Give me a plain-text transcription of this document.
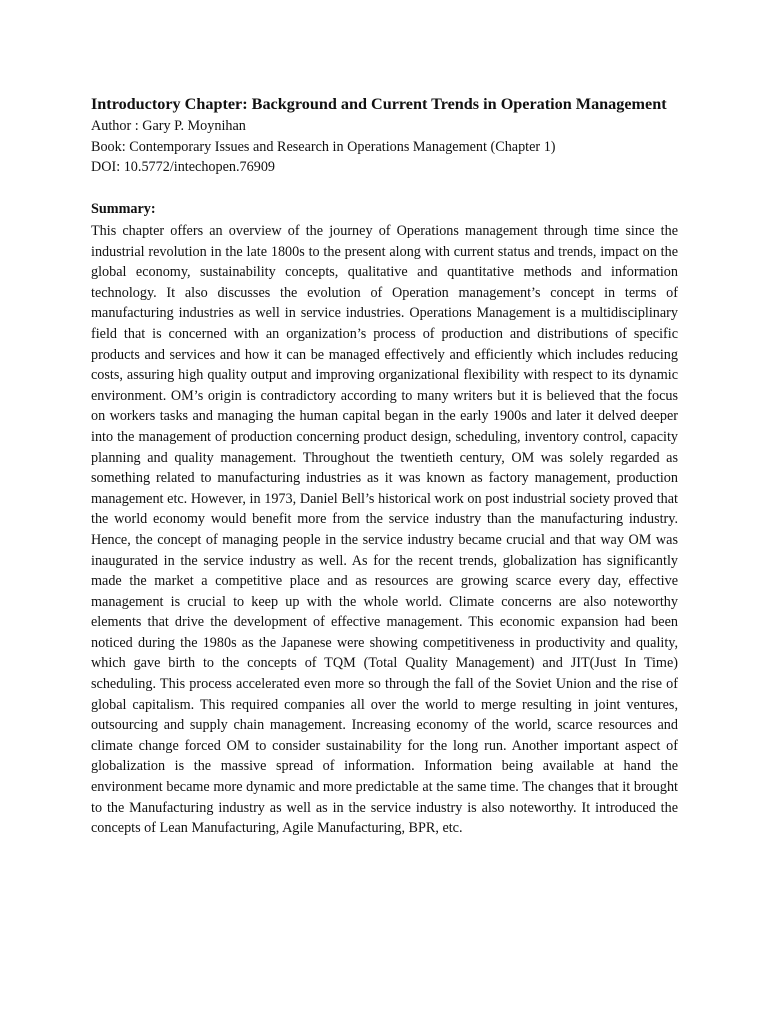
Introductory Chapter: Background and Current Trends in Operation Management

Author : Gary P. Moynihan

Book: Contemporary Issues and Research in Operations Management (Chapter 1)

DOI: 10.5772/intechopen.76909

Summary:

This chapter offers an overview of the journey of Operations management through time since the industrial revolution in the late 1800s to the present along with current status and trends, impact on the global economy, sustainability concepts, qualitative and quantitative methods and information technology. It also discusses the evolution of Operation management’s concept in terms of manufacturing industries as well in service industries. Operations Management is a multidisciplinary field that is concerned with an organization’s process of production and distributions of specific products and services and how it can be managed effectively and efficiently which includes reducing costs, assuring high quality output and improving organizational flexibility with respect to its dynamic environment. OM’s origin is contradictory according to many writers but it is believed that the focus on workers tasks and managing the human capital began in the early 1900s and later it delved deeper into the management of production concerning product design, scheduling, inventory control, capacity planning and quality management. Throughout the twentieth century, OM was solely regarded as something related to manufacturing industries as it was known as factory management, production management etc. However, in 1973, Daniel Bell’s historical work on post industrial society proved that the world economy would benefit more from the service industry than the manufacturing industry. Hence, the concept of managing people in the service industry became crucial and that way OM was inaugurated in the service industry as well. As for the recent trends, globalization has significantly made the market a competitive place and as resources are growing scarce every day, effective management is crucial to keep up with the whole world. Climate concerns are also noteworthy elements that drive the development of effective management. This economic expansion had been noticed during the 1980s as the Japanese were showing competitiveness in productivity and quality, which gave birth to the concepts of TQM (Total Quality Management) and JIT(Just In Time) scheduling. This process accelerated even more so through the fall of the Soviet Union and the rise of global capitalism. This required companies all over the world to merge resulting in joint ventures, outsourcing and supply chain management. Increasing economy of the world, scarce resources and climate change forced OM to consider sustainability for the long run. Another important aspect of globalization is the massive spread of information. Information being available at hand the environment became more dynamic and more predictable at the same time. The changes that it brought to the Manufacturing industry as well as in the service industry is also noteworthy. It introduced the concepts of Lean Manufacturing, Agile Manufacturing, BPR, etc.
